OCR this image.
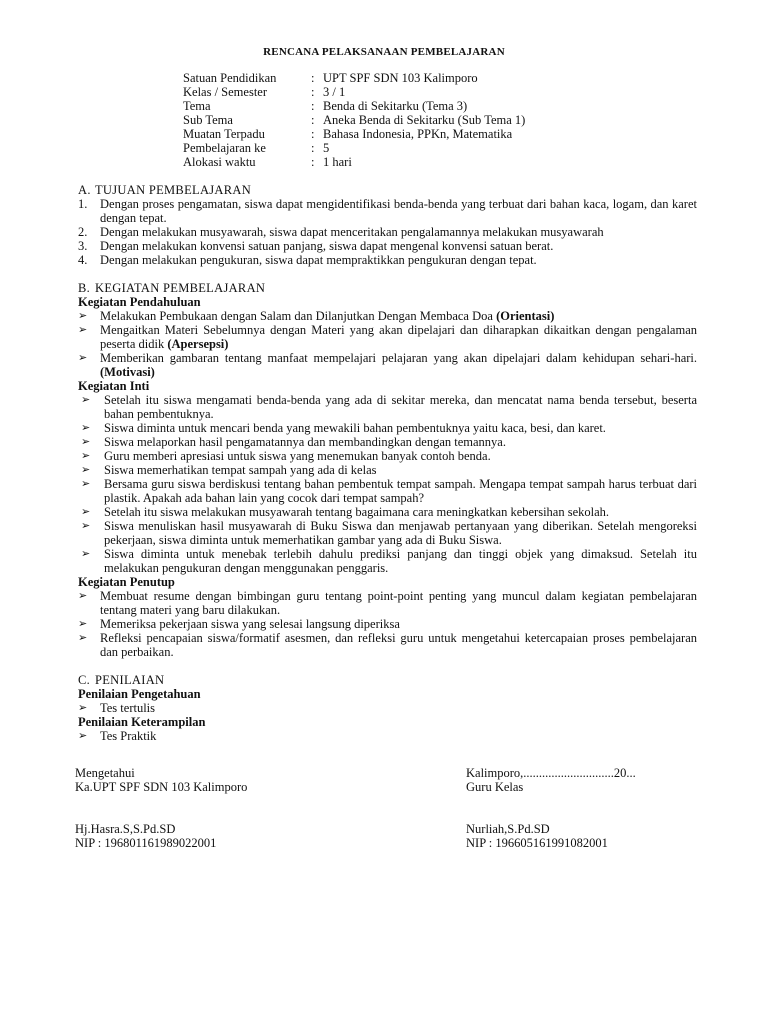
RENCANA PELAKSANAAN PEMBELAJARAN
Satuan Pendidikan	: UPT SPF SDN 103 Kalimporo
Kelas / Semester	: 3 / 1
Tema	: Benda di Sekitarku (Tema 3)
Sub Tema	: Aneka Benda di Sekitarku (Sub Tema 1)
Muatan Terpadu	: Bahasa Indonesia, PPKn, Matematika
Pembelajaran ke	: 5
Alokasi waktu	: 1 hari

A. TUJUAN PEMBELAJARAN

1. Dengan proses pengamatan, siswa dapat mengidentifikasi benda-benda yang terbuat dari bahan kaca, logam, dan karet dengan tepat.
2. Dengan melakukan musyawarah, siswa dapat menceritakan pengalamannya melakukan musyawarah
3. Dengan melakukan konvensi satuan panjang, siswa dapat mengenal konvensi satuan berat.
4. Dengan melakukan pengukuran, siswa dapat mempraktikkan pengukuran dengan tepat.

B. KEGIATAN PEMBELAJARAN

Kegiatan Pendahuluan

➢ Melakukan Pembukaan dengan Salam dan Dilanjutkan Dengan Membaca Doa (Orientasi)
➢ Mengaitkan Materi Sebelumnya dengan Materi yang akan dipelajari dan diharapkan dikaitkan dengan pengalaman peserta didik (Apersepsi)
➢ Memberikan gambaran tentang manfaat mempelajari pelajaran yang akan dipelajari dalam kehidupan sehari-hari. (Motivasi)

Kegiatan Inti

➢ Setelah itu siswa mengamati benda-benda yang ada di sekitar mereka, dan mencatat nama benda tersebut, beserta bahan pembentuknya.
➢ Siswa diminta untuk mencari benda yang mewakili bahan pembentuknya yaitu kaca, besi, dan karet.
➢ Siswa melaporkan hasil pengamatannya dan membandingkan dengan temannya.
➢ Guru memberi apresiasi untuk siswa yang menemukan banyak contoh benda.
➢ Siswa memerhatikan tempat sampah yang ada di kelas
➢ Bersama guru siswa berdiskusi tentang bahan pembentuk tempat sampah. Mengapa tempat sampah harus terbuat dari plastik. Apakah ada bahan lain yang cocok dari tempat sampah?
➢ Setelah itu siswa melakukan musyawarah tentang bagaimana cara meningkatkan kebersihan sekolah.
➢ Siswa menuliskan hasil musyawarah di Buku Siswa dan menjawab pertanyaan yang diberikan. Setelah mengoreksi pekerjaan, siswa diminta untuk memerhatikan gambar yang ada di Buku Siswa.
➢ Siswa diminta untuk menebak terlebih dahulu prediksi panjang dan tinggi objek yang dimaksud. Setelah itu melakukan pengukuran dengan menggunakan penggaris.

Kegiatan Penutup

➢ Membuat resume dengan bimbingan guru tentang point-point penting yang muncul dalam kegiatan pembelajaran tentang materi yang baru dilakukan.
➢ Memeriksa pekerjaan siswa yang selesai langsung diperiksa
➢ Refleksi pencapaian siswa/formatif asesmen, dan refleksi guru untuk mengetahui ketercapaian proses pembelajaran dan perbaikan.

C. PENILAIAN

Penilaian Pengetahuan

➢ Tes tertulis

Penilaian Keterampilan

➢ Tes Praktik
Mengetahui
Ka.UPT SPF SDN 103 Kalimporo
Kalimporo,.............................20...
Guru Kelas
Hj.Hasra.S,S.Pd.SD
NIP : 196801161989022001
Nurliah,S.Pd.SD
NIP : 196605161991082001
